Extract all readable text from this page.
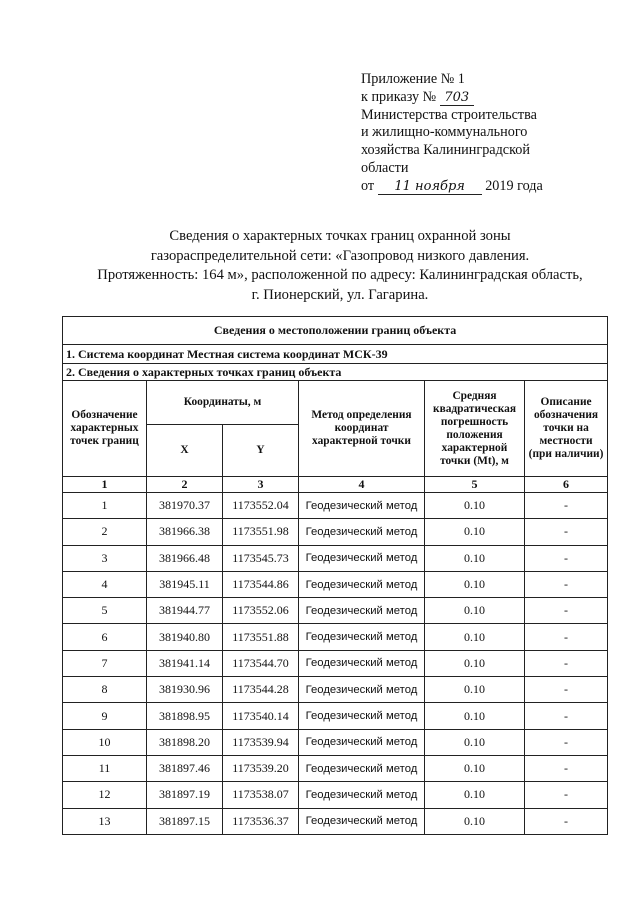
Приложение № 1
к приказу № 703
Министерства строительства
и жилищно-коммунального
хозяйства Калининградской
области
от 11 ноября 2019 года
Сведения о характерных точках границ охранной зоны
газораспределительной сети: «Газопровод низкого давления.
Протяженность: 164 м», расположенной по адресу: Калининградская область,
г. Пионерский, ул. Гагарина.
Сведения о местоположении границ объекта					
1. Система координат Местная система координат МСК-39					
2. Сведения о характерных точках границ объекта					
Обозначение характерных точек границ	Координаты, м		Метод определения координат характерной точки	Средняя квадратическая погрешность положения характерной точки (Mt), м	Описание обозначения точки на местности (при наличии)
	X	Y			
1	2	3	4	5	6
1	381970.37	1173552.04	Геодезический метод	0.10	-
2	381966.38	1173551.98	Геодезический метод	0.10	-
3	381966.48	1173545.73	Геодезический метод	0.10	-
4	381945.11	1173544.86	Геодезический метод	0.10	-
5	381944.77	1173552.06	Геодезический метод	0.10	-
6	381940.80	1173551.88	Геодезический метод	0.10	-
7	381941.14	1173544.70	Геодезический метод	0.10	-
8	381930.96	1173544.28	Геодезический метод	0.10	-
9	381898.95	1173540.14	Геодезический метод	0.10	-
10	381898.20	1173539.94	Геодезический метод	0.10	-
11	381897.46	1173539.20	Геодезический метод	0.10	-
12	381897.19	1173538.07	Геодезический метод	0.10	-
13	381897.15	1173536.37	Геодезический метод	0.10	-
